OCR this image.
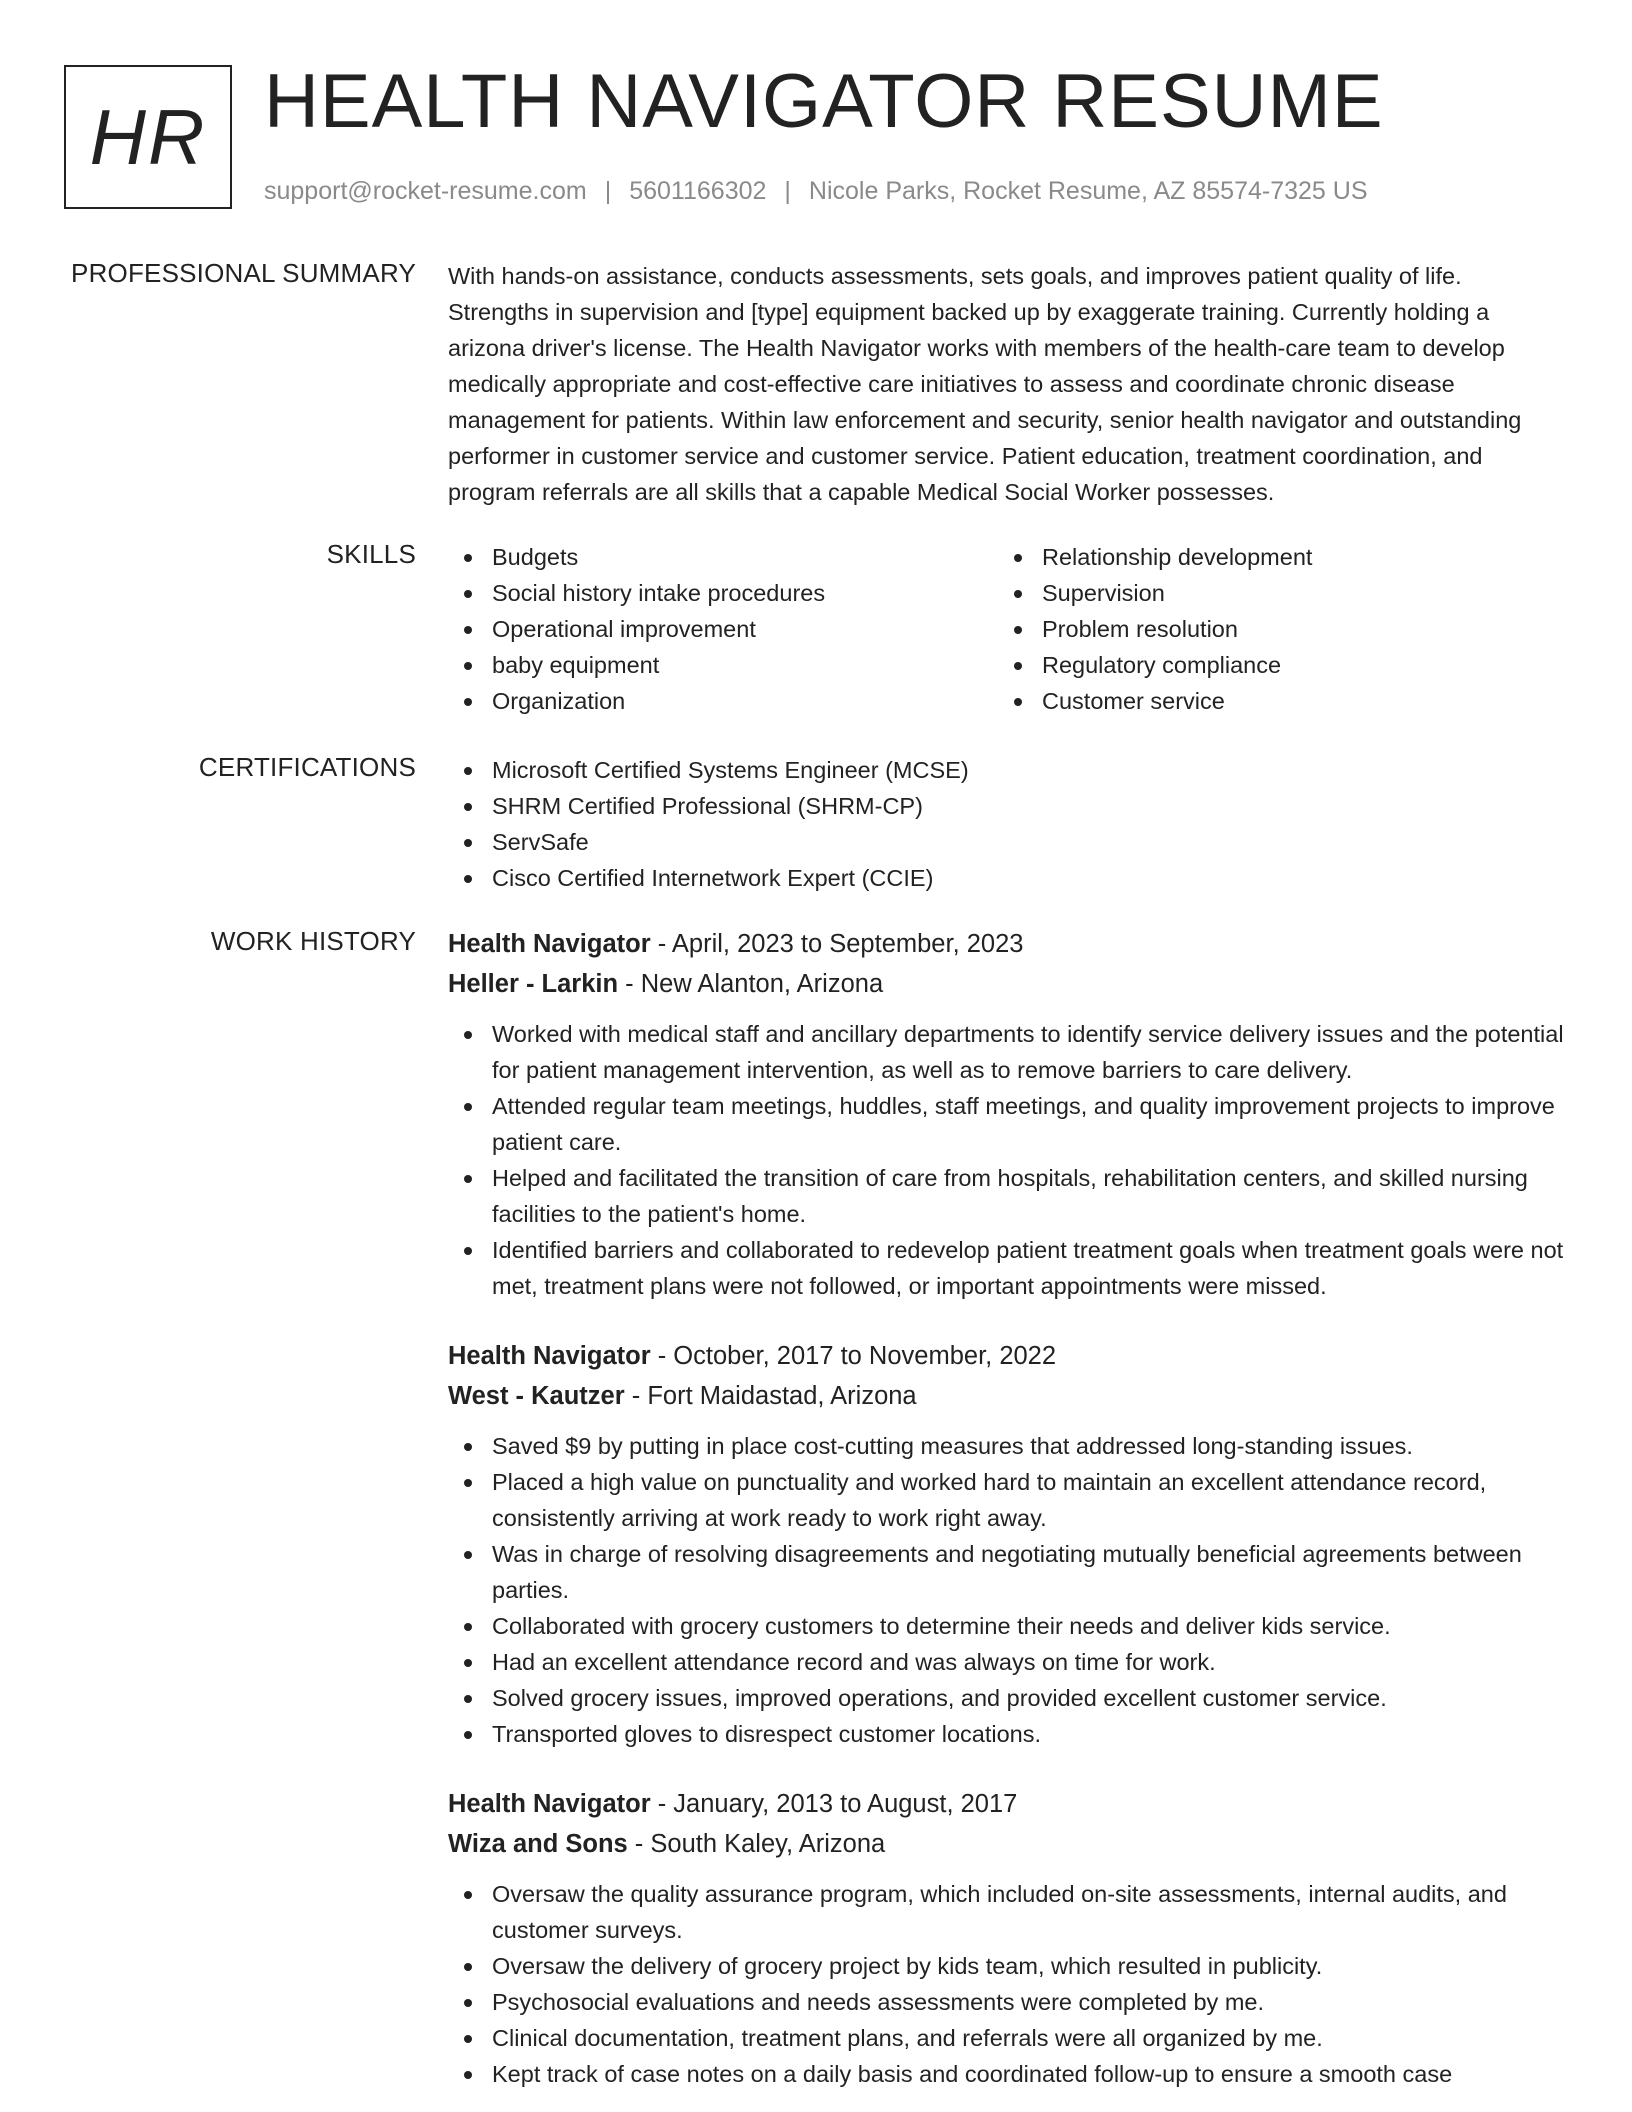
HR HEALTH NAVIGATOR RESUME
support@rocket-resume.com | 5601166302 | Nicole Parks, Rocket Resume, AZ 85574-7325 US
PROFESSIONAL SUMMARY With hands-on assistance, conducts assessments, sets goals, and improves patient quality of life. Strengths in supervision and [type] equipment backed up by exaggerate training. Currently holding a arizona driver's license. The Health Navigator works with members of the health-care team to develop medically appropriate and cost-effective care initiatives to assess and coordinate chronic disease management for patients. Within law enforcement and security, senior health navigator and outstanding performer in customer service and customer service. Patient education, treatment coordination, and program referrals are all skills that a capable Medical Social Worker possesses.
SKILLS	Budgets
Social history intake procedures
Operational improvement
baby equipment
Organization
Relationship development
Supervision
Problem resolution
Regulatory compliance
Customer service
CERTIFICATIONS	Microsoft Certified Systems Engineer (MCSE)
SHRM Certified Professional (SHRM-CP)
ServSafe
Cisco Certified Internetwork Expert (CCIE)
WORK HISTORY Health Navigator - April, 2023 to September, 2023
Heller - Larkin - New Alanton, Arizona
Worked with medical staff and ancillary departments to identify service delivery issues and the potential for patient management intervention, as well as to remove barriers to care delivery.
Attended regular team meetings, huddles, staff meetings, and quality improvement projects to improve patient care.
Helped and facilitated the transition of care from hospitals, rehabilitation centers, and skilled nursing facilities to the patient's home.
Identified barriers and collaborated to redevelop patient treatment goals when treatment goals were not met, treatment plans were not followed, or important appointments were missed.
Health Navigator - October, 2017 to November, 2022
West - Kautzer - Fort Maidastad, Arizona
Saved $9 by putting in place cost-cutting measures that addressed long-standing issues.
Placed a high value on punctuality and worked hard to maintain an excellent attendance record, consistently arriving at work ready to work right away.
Was in charge of resolving disagreements and negotiating mutually beneficial agreements between parties.
Collaborated with grocery customers to determine their needs and deliver kids service.
Had an excellent attendance record and was always on time for work.
Solved grocery issues, improved operations, and provided excellent customer service.
Transported gloves to disrespect customer locations.
Health Navigator - January, 2013 to August, 2017
Wiza and Sons - South Kaley, Arizona
Oversaw the quality assurance program, which included on-site assessments, internal audits, and customer surveys.
Oversaw the delivery of grocery project by kids team, which resulted in publicity.
Psychosocial evaluations and needs assessments were completed by me.
Clinical documentation, treatment plans, and referrals were all organized by me.
Kept track of case notes on a daily basis and coordinated follow-up to ensure a smooth case
